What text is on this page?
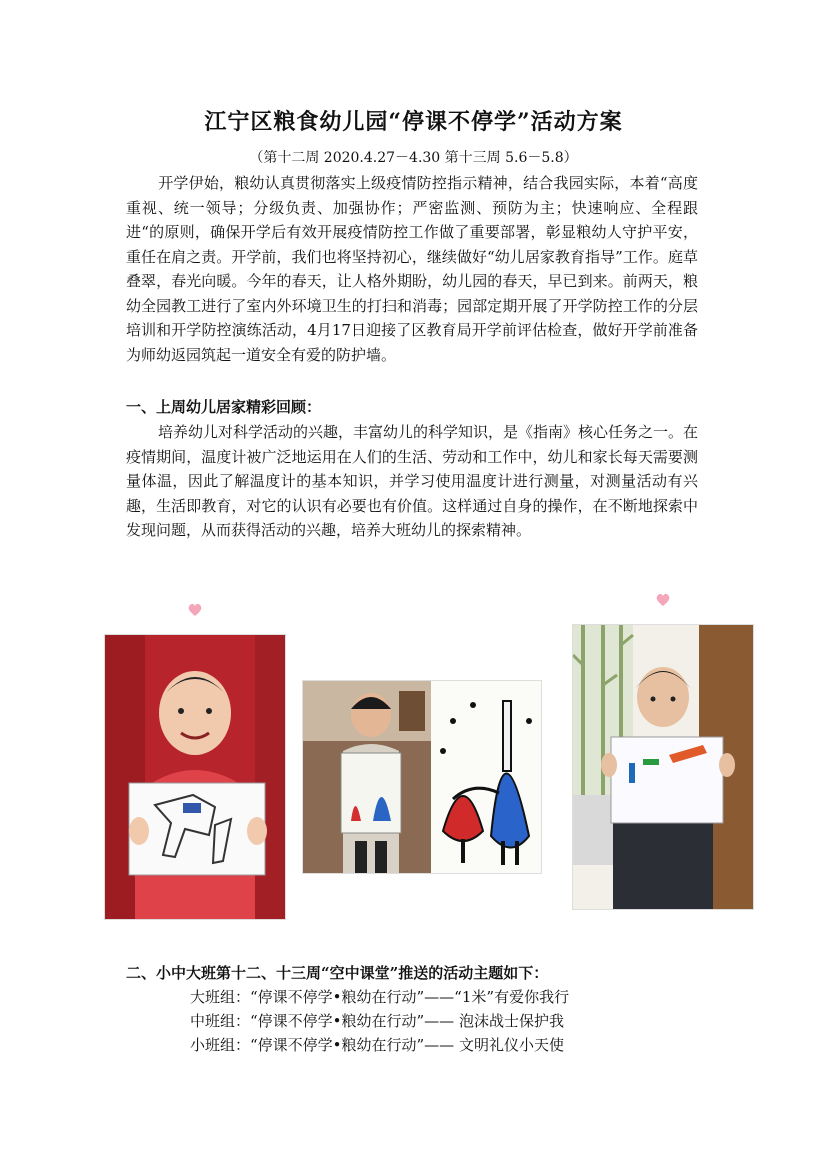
江宁区粮食幼儿园“停课不停学”活动方案
（第十二周 2020.4.27－4.30 第十三周 5.6－5.8）
开学伊始，粮幼认真贯彻落实上级疫情防控指示精神，结合我园实际，本着“高度重视、统一领导；分级负责、加强协作；严密监测、预防为主；快速响应、全程跟进“的原则，确保开学后有效开展疫情防控工作做了重要部署，彰显粮幼人守护平安，重任在肩之责。开学前，我们也将坚持初心，继续做好“幼儿居家教育指导”工作。庭草叠翠，春光向暖。今年的春天，让人格外期盼，幼儿园的春天，早已到来。前两天，粮幼全园教工进行了室内外环境卫生的打扫和消毒；园部定期开展了开学防控工作的分层培训和开学防控演练活动，4月17日迎接了区教育局开学前评估检查，做好开学前准备为师幼返园筑起一道安全有爱的防护墙。
一、上周幼儿居家精彩回顾：
培养幼儿对科学活动的兴趣，丰富幼儿的科学知识，是《指南》核心任务之一。在疫情期间，温度计被广泛地运用在人们的生活、劳动和工作中，幼儿和家长每天需要测量体温，因此了解温度计的基本知识，并学习使用温度计进行测量，对测量活动有兴趣，生活即教育，对它的认识有必要也有价值。这样通过自身的操作，在不断地探索中发现问题，从而获得活动的兴趣，培养大班幼儿的探索精神。
二、小中大班第十二、十三周“空中课堂”推送的活动主题如下：
大班组：“停课不停学•粮幼在行动”——“1米”有爱你我行
中班组：“停课不停学•粮幼在行动”—— 泡沫战士保护我
小班组：“停课不停学•粮幼在行动”—— 文明礼仪小天使
